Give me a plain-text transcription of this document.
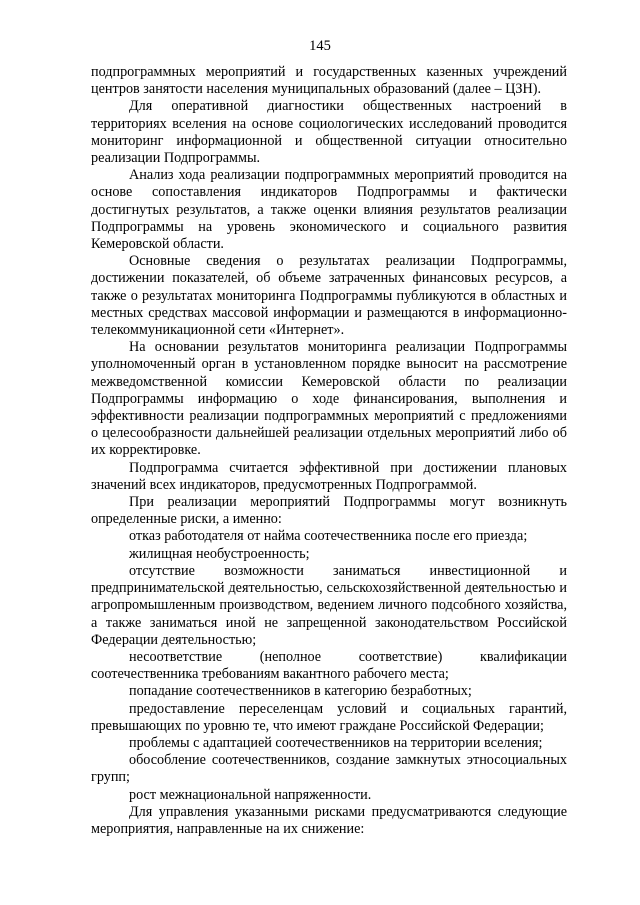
145

подпрограммных мероприятий и государственных казенных учреждений центров занятости населения муниципальных образований (далее – ЦЗН).

Для оперативной диагностики общественных настроений в территориях вселения на основе социологических исследований проводится мониторинг информационной и общественной ситуации относительно реализации Подпрограммы.

Анализ хода реализации подпрограммных мероприятий проводится на основе сопоставления индикаторов Подпрограммы и фактически достигнутых результатов, а также оценки влияния результатов реализации Подпрограммы на уровень экономического и социального развития Кемеровской области.

Основные сведения о результатах реализации Подпрограммы, достижении показателей, об объеме затраченных финансовых ресурсов, а также о результатах мониторинга Подпрограммы публикуются в областных и местных средствах массовой информации и размещаются в информационно-телекоммуникационной сети «Интернет».

На основании результатов мониторинга реализации Подпрограммы уполномоченный орган в установленном порядке выносит на рассмотрение межведомственной комиссии Кемеровской области по реализации Подпрограммы информацию о ходе финансирования, выполнения и эффективности реализации подпрограммных мероприятий с предложениями о целесообразности дальнейшей реализации отдельных мероприятий либо об их корректировке.

Подпрограмма считается эффективной при достижении плановых значений всех индикаторов, предусмотренных Подпрограммой.

При реализации мероприятий Подпрограммы могут возникнуть определенные риски, а именно:

отказ работодателя от найма соотечественника после его приезда;

жилищная необустроенность;

отсутствие возможности заниматься инвестиционной и предпринимательской деятельностью, сельскохозяйственной деятельностью и агропромышленным производством, ведением личного подсобного хозяйства, а также заниматься иной не запрещенной законодательством Российской Федерации деятельностью;

несоответствие (неполное соответствие) квалификации соотечественника требованиям вакантного рабочего места;

попадание соотечественников в категорию безработных;

предоставление переселенцам условий и социальных гарантий, превышающих по уровню те, что имеют граждане Российской Федерации;

проблемы с адаптацией соотечественников на территории вселения;

обособление соотечественников, создание замкнутых этносоциальных групп;

рост межнациональной напряженности.

Для управления указанными рисками предусматриваются следующие мероприятия, направленные на их снижение:
